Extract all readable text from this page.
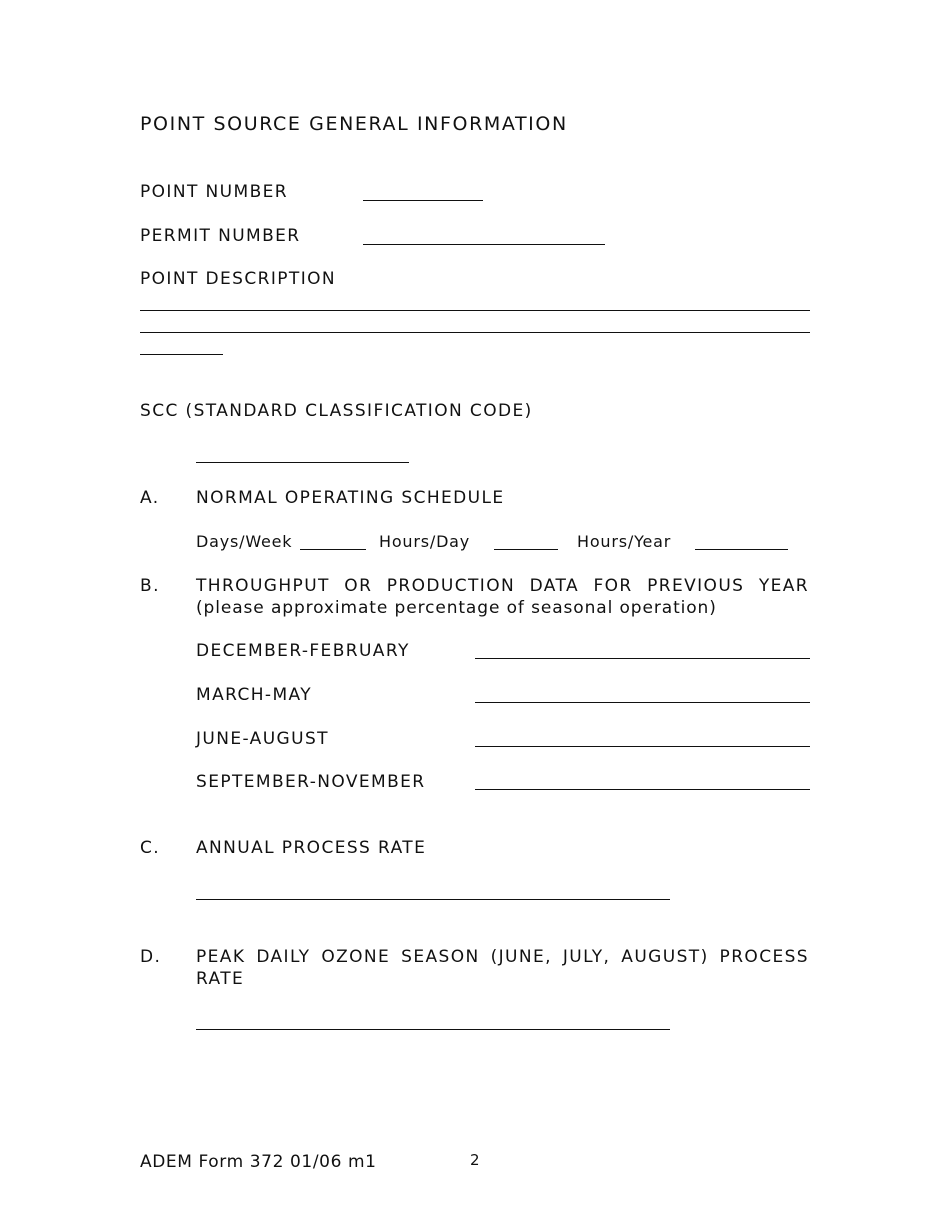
POINT SOURCE GENERAL INFORMATION
POINT NUMBER
PERMIT NUMBER
POINT DESCRIPTION
SCC (STANDARD CLASSIFICATION CODE)
A. NORMAL OPERATING SCHEDULE
Days/Week	Hours/Day	Hours/Year
B. THROUGHPUT OR PRODUCTION DATA FOR PREVIOUS YEAR
(please approximate percentage of seasonal operation)
DECEMBER-FEBRUARY
MARCH-MAY
JUNE-AUGUST
SEPTEMBER-NOVEMBER
C. ANNUAL PROCESS RATE
D. PEAK DAILY OZONE SEASON (JUNE, JULY, AUGUST) PROCESS
RATE
ADEM Form 372 01/06 m1	2
